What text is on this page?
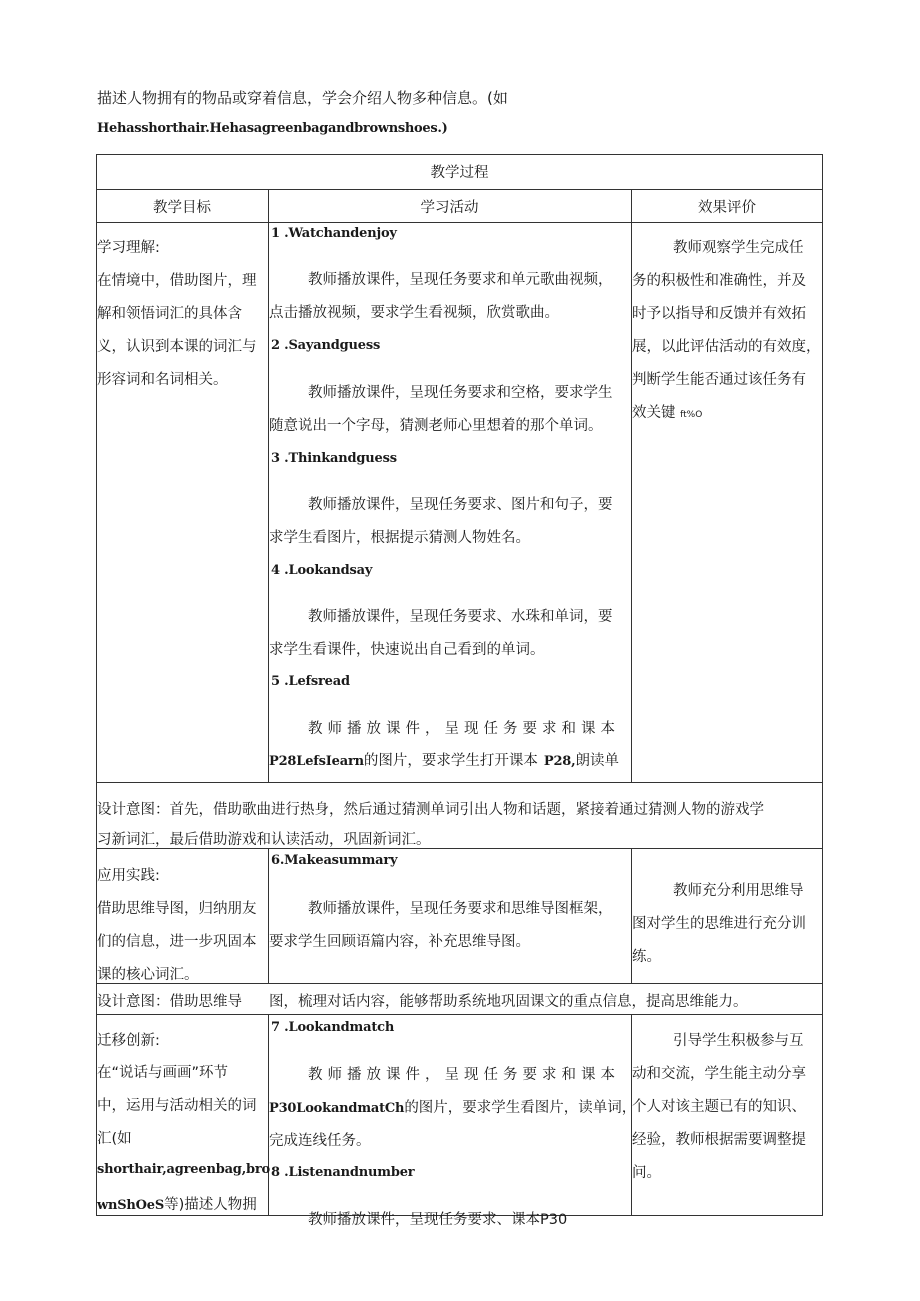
描述人物拥有的物品或穿着信息，学会介绍人物多种信息。(如
Hehasshorthair.Hehasagreenbagandbrownshoes.)
教学过程
教学目标	学习活动	效果评价
学习理解:
在情境中，借助图片，理
解和领悟词汇的具体含
义，认识到本课的词汇与
形容词和名词相关。
1 .Watchandenjoy
教师播放课件，呈现任务要求和单元歌曲视频，
点击播放视频，要求学生看视频，欣赏歌曲。
2 .Sayandguess
教师播放课件，呈现任务要求和空格，要求学生
随意说出一个字母，猜测老师心里想着的那个单词。
3 .Thinkandguess
教师播放课件，呈现任务要求、图片和句子，要
求学生看图片，根据提示猜测人物姓名。
4 .Lookandsay
教师播放课件，呈现任务要求、水珠和单词，要
求学生看课件，快速说出自己看到的单词。
5 .Lefsread
教师播放课件，呈现任务要求和课本
P28LefsIearn的图片，要求学生打开课本 P28,朗读单
教师观察学生完成任
务的积极性和准确性，并及
时予以指导和反馈并有效拓
展，以此评估活动的有效度，
判断学生能否通过该任务有
效关键 ft%O
设计意图：首先，借助歌曲进行热身，然后通过猜测单词引出人物和话题，紧接着通过猜测人物的游戏学
习新词汇，最后借助游戏和认读活动，巩固新词汇。
应用实践:
借助思维导图，归纳朋友
们的信息，进一步巩固本
课的核心词汇。
6.Makeasummary
教师播放课件，呈现任务要求和思维导图框架，
要求学生回顾语篇内容，补充思维导图。
教师充分利用思维导
图对学生的思维进行充分训
练。
设计意图：借助思维导 图，梳理对话内容，能够帮助系统地巩固课文的重点信息，提高思维能力。
迁移创新:
在“说话与画画”环节
中，运用与活动相关的词
汇(如
shorthair,agreenbag,bro
wnShOeS等)描述人物拥
7 .Lookandmatch
教师播放课件，呈现任务要求和课本
P30LookandmatCh的图片，要求学生看图片，读单词，
完成连线任务。
8 .Listenandnumber
教师播放课件，呈现任务要求、课本P30
引导学生积极参与互
动和交流，学生能主动分享
个人对该主题已有的知识、
经验，教师根据需要调整提
问。
